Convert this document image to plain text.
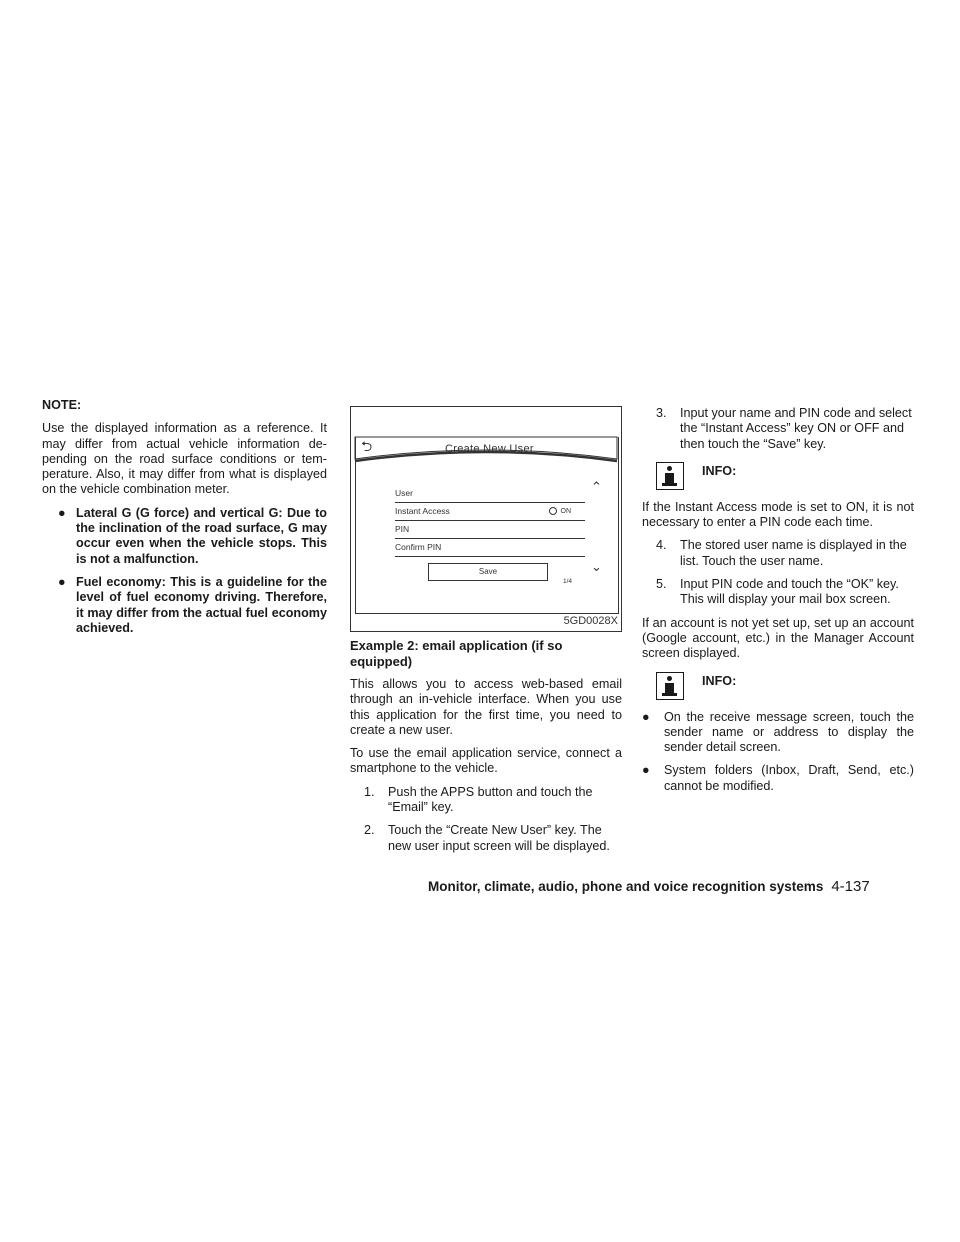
NOTE:

Use the displayed information as a reference. It may differ from actual vehicle information de-pending on the road surface conditions or tem-perature. Also, it may differ from what is displayed on the vehicle combination meter.

● Lateral G (G force) and vertical G: Due to the inclination of the road surface, G may occur even when the vehicle stops. This is not a malfunction.
● Fuel economy: This is a guideline for the level of fuel economy driving. Therefore, it may differ from the actual fuel economy achieved.
⮌	Create New User
⌃
User
Instant Access	ON
PIN
Confirm PIN
Save
1/4
⌄
5GD0028X
Example 2: email application (if so equipped)

This allows you to access web-based email through an in-vehicle interface. When you use this application for the first time, you need to create a new user.

To use the email application service, connect a smartphone to the vehicle.

1.	Push the APPS button and touch the “Email” key.
2.	Touch the “Create New User” key. The new user input screen will be displayed.
3.	Input your name and PIN code and select the “Instant Access” key ON or OFF and then touch the “Save” key.
INFO:

If the Instant Access mode is set to ON, it is not necessary to enter a PIN code each time.

4.	The stored user name is displayed in the list. Touch the user name.
5.	Input PIN code and touch the “OK” key. This will display your mail box screen.

If an account is not yet set up, set up an account (Google account, etc.) in the Manager Account screen displayed.

INFO:
●	On the receive message screen, touch the sender name or address to display the sender detail screen.
●	System folders (Inbox, Draft, Send, etc.) cannot be modified.
Monitor, climate, audio, phone and voice recognition systems 4-137
